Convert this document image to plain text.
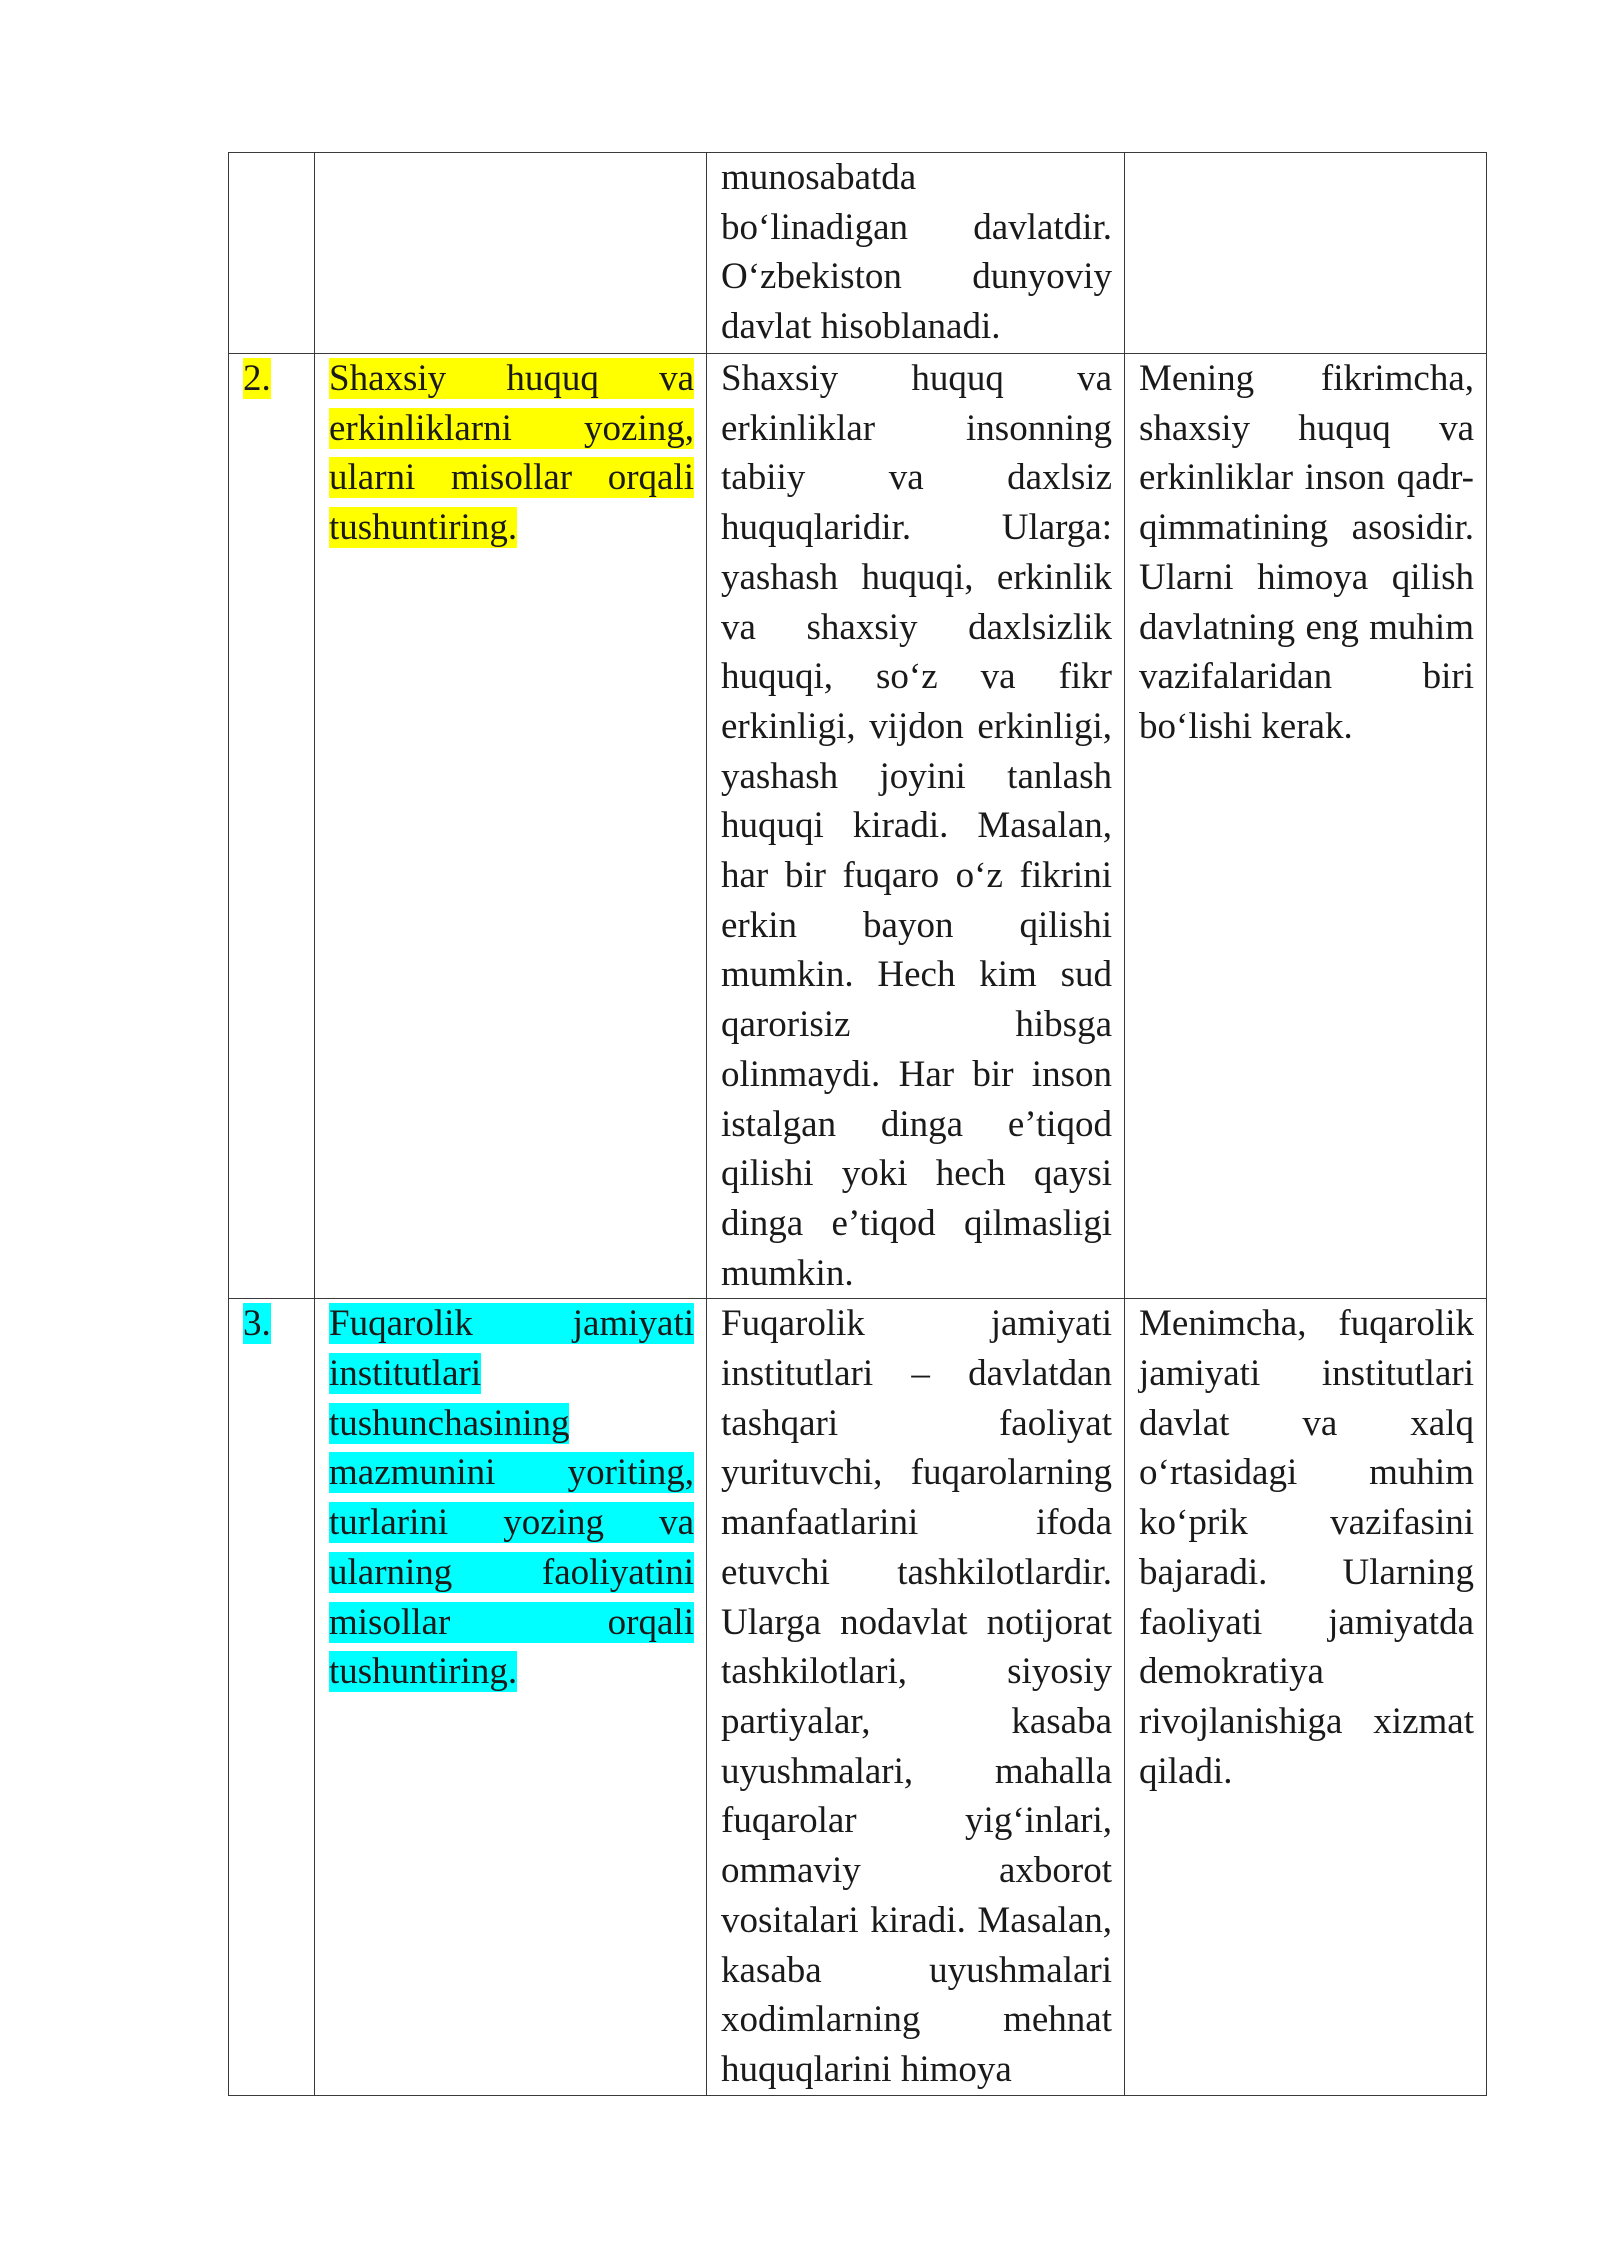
		munosabatda bo‘linadigan davlatdir. O‘zbekiston dunyoviy davlat hisoblanadi.	
2.	Shaxsiy huquq va erkinliklarni yozing, ularni misollar orqali tushuntiring.	Shaxsiy huquq va erkinliklar insonning tabiiy va daxlsiz huquqlaridir. Ularga: yashash huquqi, erkinlik va shaxsiy daxlsizlik huquqi, so‘z va fikr erkinligi, vijdon erkinligi, yashash joyini tanlash huquqi kiradi. Masalan, har bir fuqaro o‘z fikrini erkin bayon qilishi mumkin. Hech kim sud qarorisiz hibsga olinmaydi. Har bir inson istalgan dinga e’tiqod qilishi yoki hech qaysi dinga e’tiqod qilmasligi mumkin.	Mening fikrimcha, shaxsiy huquq va erkinliklar inson qadr-qimmatining asosidir. Ularni himoya qilish davlatning eng muhim vazifalaridan biri bo‘lishi kerak.
3.	Fuqarolik jamiyati institutlari tushunchasining mazmunini yoriting, turlarini yozing va ularning faoliyatini misollar orqali tushuntiring.	Fuqarolik jamiyati institutlari – davlatdan tashqari faoliyat yurituvchi, fuqarolarning manfaatlarini ifoda etuvchi tashkilotlardir. Ularga nodavlat notijorat tashkilotlari, siyosiy partiyalar, kasaba uyushmalari, mahalla fuqarolar yig‘inlari, ommaviy axborot vositalari kiradi. Masalan, kasaba uyushmalari xodimlarning mehnat huquqlarini himoya	Menimcha, fuqarolik jamiyati institutlari davlat va xalq o‘rtasidagi muhim ko‘prik vazifasini bajaradi. Ularning faoliyati jamiyatda demokratiya rivojlanishiga xizmat qiladi.
